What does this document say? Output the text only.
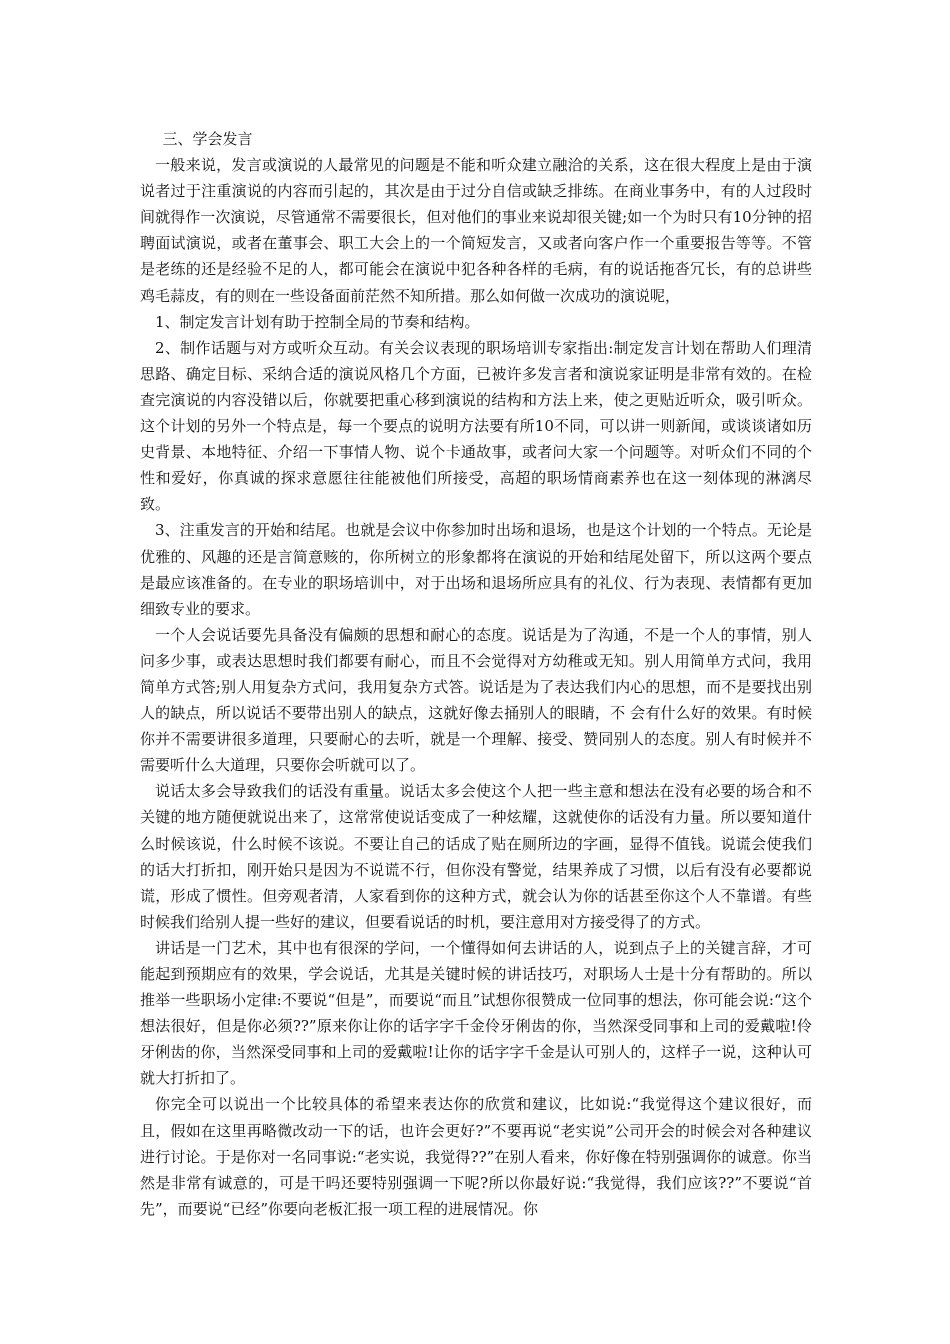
三、学会发言

一般来说，发言或演说的人最常见的问题是不能和听众建立融洽的关系，这在很大程度上是由于演说者过于注重演说的内容而引起的，其次是由于过分自信或缺乏排练。在商业事务中，有的人过段时间就得作一次演说，尽管通常不需要很长，但对他们的事业来说却很关键;如一个为时只有10分钟的招聘面试演说，或者在董事会、职工大会上的一个简短发言，又或者向客户作一个重要报告等等。不管是老练的还是经验不足的人，都可能会在演说中犯各种各样的毛病，有的说话拖沓冗长，有的总讲些鸡毛蒜皮，有的则在一些设备面前茫然不知所措。那么如何做一次成功的演说呢，

1、制定发言计划有助于控制全局的节奏和结构。

2、制作话题与对方或听众互动。有关会议表现的职场培训专家指出:制定发言计划在帮助人们理清思路、确定目标、采纳合适的演说风格几个方面，已被许多发言者和演说家证明是非常有效的。在检查完演说的内容没错以后，你就要把重心移到演说的结构和方法上来，使之更贴近听众，吸引听众。这个计划的另外一个特点是，每一个要点的说明方法要有所10不同，可以讲一则新闻，或谈谈诸如历史背景、本地特征、介绍一下事情人物、说个卡通故事，或者问大家一个问题等。对听众们不同的个性和爱好，你真诚的探求意愿往往能被他们所接受，高超的职场情商素养也在这一刻体现的淋漓尽致。

3、注重发言的开始和结尾。也就是会议中你参加时出场和退场，也是这个计划的一个特点。无论是优雅的、风趣的还是言简意赅的，你所树立的形象都将在演说的开始和结尾处留下，所以这两个要点是最应该准备的。在专业的职场培训中，对于出场和退场所应具有的礼仪、行为表现、表情都有更加细致专业的要求。

一个人会说话要先具备没有偏颇的思想和耐心的态度。说话是为了沟通，不是一个人的事情，别人问多少事，或表达思想时我们都要有耐心，而且不会觉得对方幼稚或无知。别人用简单方式问，我用简单方式答;别人用复杂方式问，我用复杂方式答。说话是为了表达我们内心的思想，而不是要找出别人的缺点，所以说话不要带出别人的缺点，这就好像去捅别人的眼睛，不 会有什么好的效果。有时候你并不需要讲很多道理，只要耐心的去听，就是一个理解、接受、赞同别人的态度。别人有时候并不需要听什么大道理，只要你会听就可以了。

说话太多会导致我们的话没有重量。说话太多会使这个人把一些主意和想法在没有必要的场合和不关键的地方随便就说出来了，这常常使说话变成了一种炫耀，这就使你的话没有力量。所以要知道什么时候该说，什么时候不该说。不要让自己的话成了贴在厕所边的字画，显得不值钱。说谎会使我们的话大打折扣，刚开始只是因为不说谎不行，但你没有警觉，结果养成了习惯，以后有没有必要都说谎，形成了惯性。但旁观者清，人家看到你的这种方式，就会认为你的话甚至你这个人不靠谱。有些时候我们给别人提一些好的建议，但要看说话的时机，要注意用对方接受得了的方式。

讲话是一门艺术，其中也有很深的学问，一个懂得如何去讲话的人，说到点子上的关键言辞，才可能起到预期应有的效果，学会说话，尤其是关键时候的讲话技巧，对职场人士是十分有帮助的。所以推举一些职场小定律:不要说“但是”，而要说“而且”试想你很赞成一位同事的想法，你可能会说:“这个想法很好，但是你必须??”原来你让你的话字字千金伶牙俐齿的你，当然深受同事和上司的爱戴啦!伶牙俐齿的你，当然深受同事和上司的爱戴啦!让你的话字字千金是认可别人的，这样子一说，这种认可就大打折扣了。

你完全可以说出一个比较具体的希望来表达你的欣赏和建议，比如说:“我觉得这个建议很好，而且，假如在这里再略微改动一下的话，也许会更好?”不要再说“老实说”公司开会的时候会对各种建议进行讨论。于是你对一名同事说:“老实说，我觉得??”在别人看来，你好像在特别强调你的诚意。你当然是非常有诚意的，可是干吗还要特别强调一下呢?所以你最好说:“我觉得，我们应该??”不要说“首先”，而要说“已经”你要向老板汇报一项工程的进展情况。你
